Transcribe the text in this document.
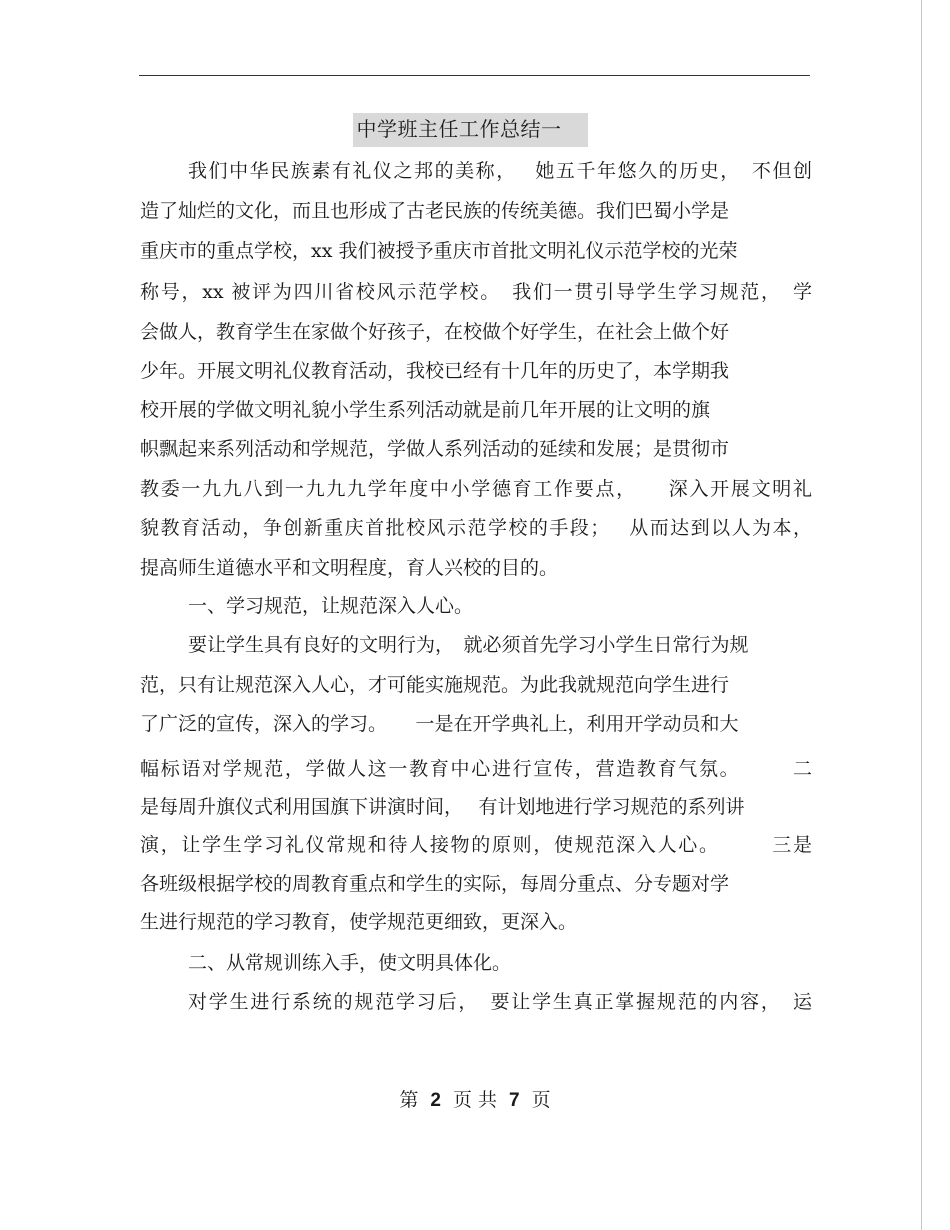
中学班主任工作总结一
我们中华民族素有礼仪之邦的美称，　 她五千年悠久的历史，　不但创
造了灿烂的文化，而且也形成了古老民族的传统美德。我们巴蜀小学是
重庆市的重点学校，xx 我们被授予重庆市首批文明礼仪示范学校的光荣
称号，xx 被评为四川省校风示范学校。　我们一贯引导学生学习规范，　学
会做人，教育学生在家做个好孩子，在校做个好学生，在社会上做个好
少年。开展文明礼仪教育活动，我校已经有十几年的历史了，本学期我
校开展的学做文明礼貌小学生系列活动就是前几年开展的让文明的旗
帜飘起来系列活动和学规范，学做人系列活动的延续和发展；是贯彻市
教委一九九八到一九九九学年度中小学德育工作要点，　　深入开展文明礼
貌教育活动，争创新重庆首批校风示范学校的手段；　 从而达到以人为本，
提高师生道德水平和文明程度，育人兴校的目的。
一、学习规范，让规范深入人心。
要让学生具有良好的文明行为，　就必须首先学习小学生日常行为规
范，只有让规范深入人心，才可能实施规范。为此我就规范向学生进行
了广泛的宣传，深入的学习。　　一是在开学典礼上，利用开学动员和大
幅标语对学规范，学做人这一教育中心进行宣传，营造教育气氛。　　　二
是每周升旗仪式利用国旗下讲演时间，　 有计划地进行学习规范的系列讲
演，让学生学习礼仪常规和待人接物的原则，使规范深入人心。　　　三是
各班级根据学校的周教育重点和学生的实际，每周分重点、分专题对学
生进行规范的学习教育，使学规范更细致，更深入。
二、从常规训练入手，使文明具体化。
对学生进行系统的规范学习后，　要让学生真正掌握规范的内容，　运
第 2 页 共 7 页
